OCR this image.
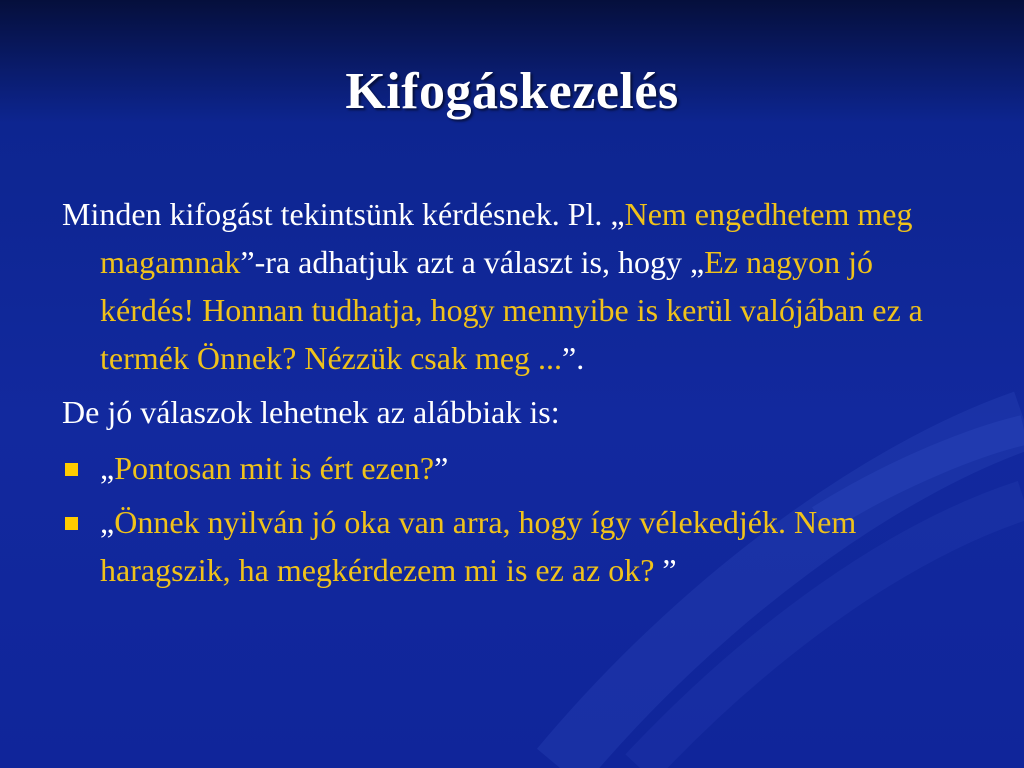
Kifogáskezelés

Minden kifogást tekintsünk kérdésnek. Pl. „Nem engedhetem meg magamnak”-ra adhatjuk azt a választ is, hogy „Ez nagyon jó kérdés! Honnan tudhatja, hogy mennyibe is kerül valójában ez a termék Önnek? Nézzük csak meg ...”.

De jó válaszok lehetnek az alábbiak is:

„Pontosan mit is ért ezen?”
„Önnek nyilván jó oka van arra, hogy így vélekedjék. Nem haragszik, ha megkérdezem mi is ez az ok? ”
